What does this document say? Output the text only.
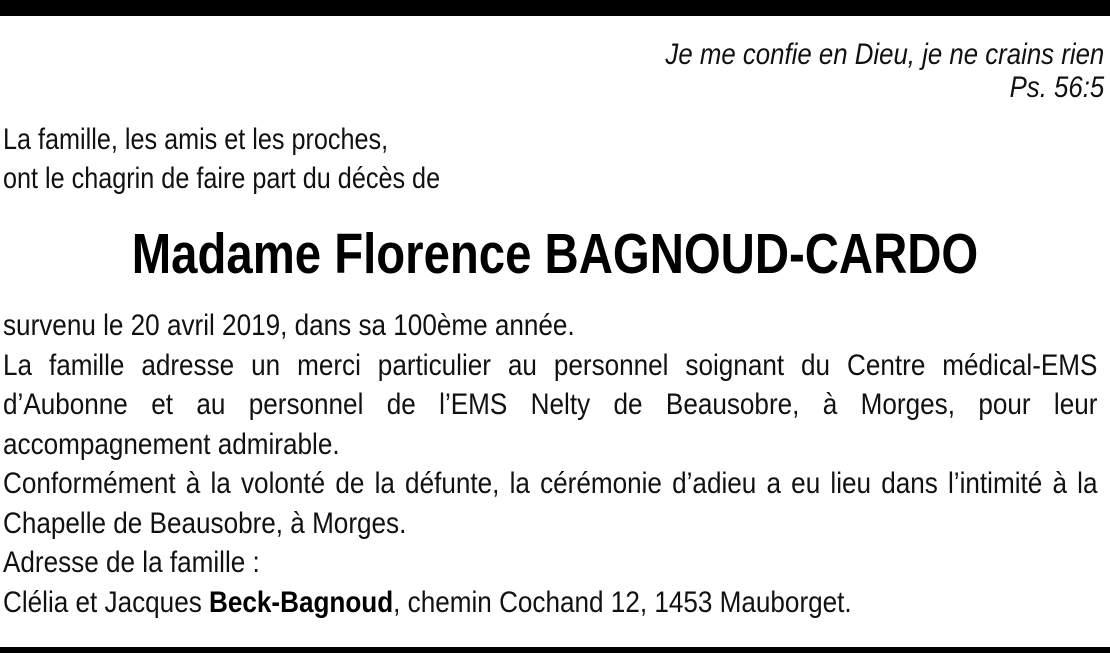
Je me confie en Dieu, je ne crains rien
Ps. 56:5
La famille, les amis et les proches,
ont le chagrin de faire part du décès de
Madame Florence BAGNOUD-CARDO

survenu le 20 avril 2019, dans sa 100ème année.

La famille adresse un merci particulier au personnel soignant du Centre médical-EMS d’Aubonne et au personnel de l’EMS Nelty de Beausobre, à Morges, pour leur accompagnement admirable.

Conformément à la volonté de la défunte, la cérémonie d’adieu a eu lieu dans l’intimité à la Chapelle de Beausobre, à Morges.

Adresse de la famille :

Clélia et Jacques Beck-Bagnoud, chemin Cochand 12, 1453 Mauborget.
